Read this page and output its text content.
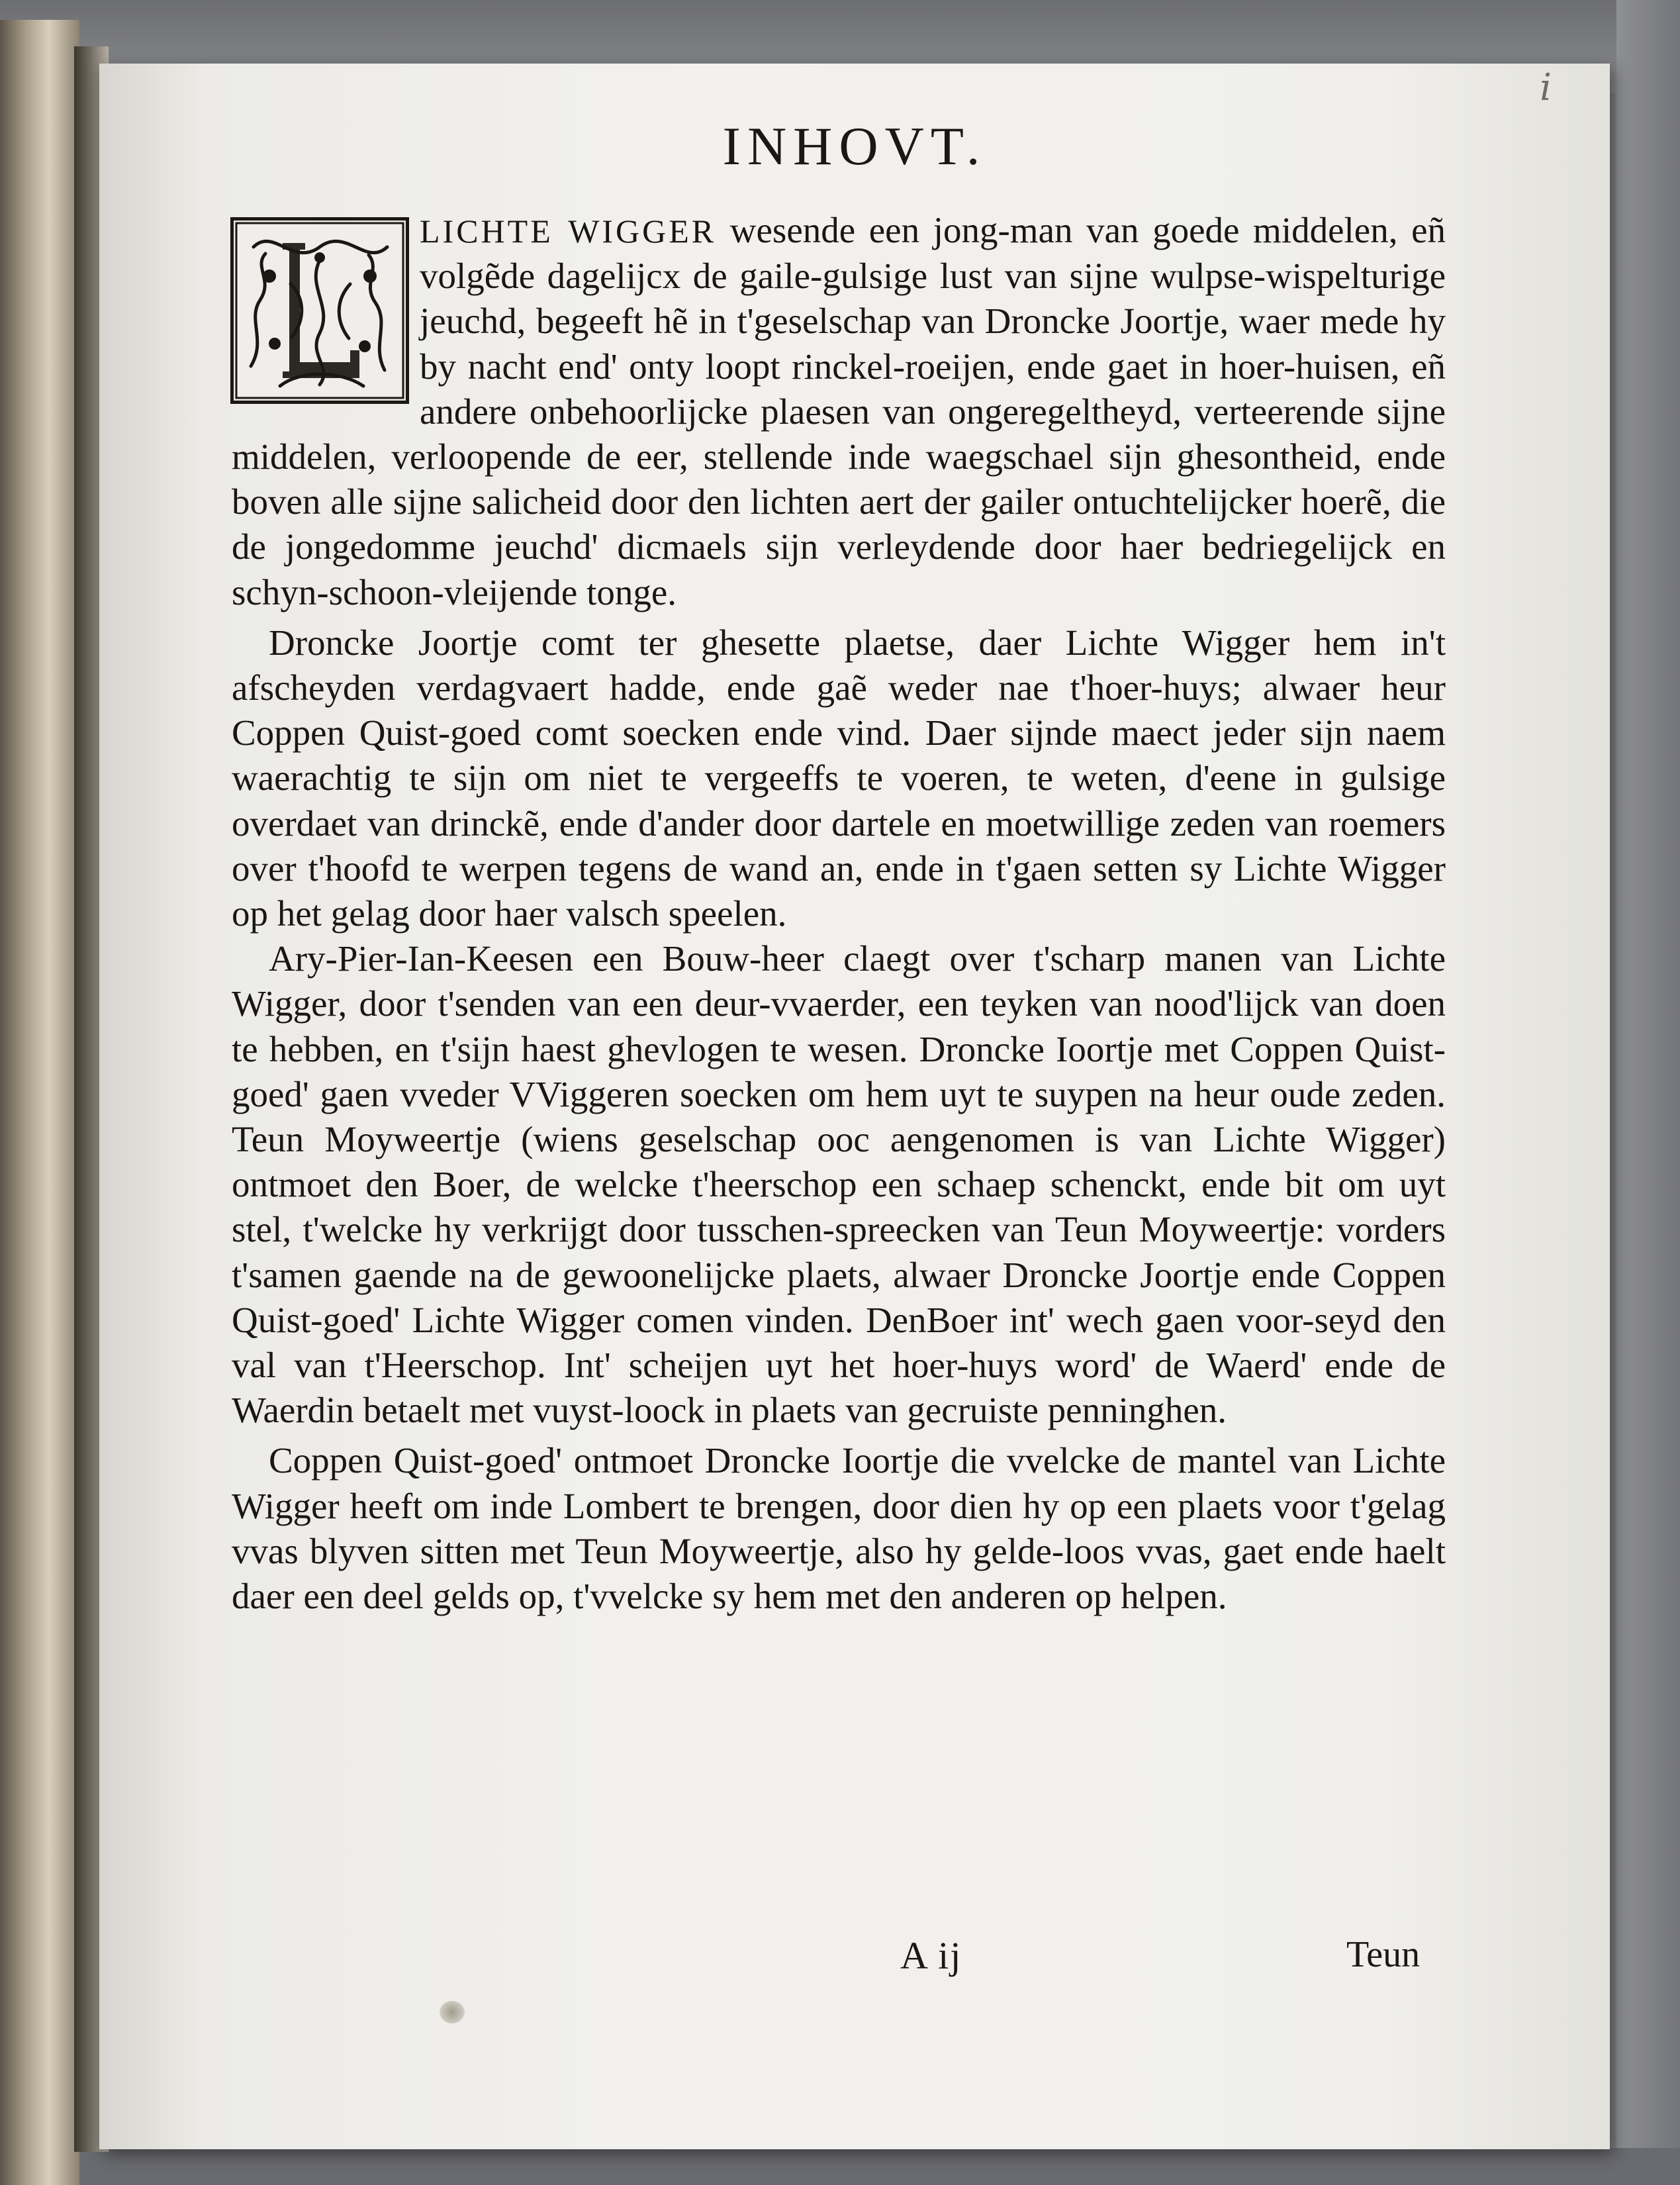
i
INHOVT.

LICHTE WIGGER wesende een jong-man van goede middelen, eñ volgẽde dagelijcx de gaile-gulsige lust van sijne wulpse-wispelturige jeuchd, begeeft hẽ in t'geselschap van Droncke Joortje, waer mede hy by nacht end' onty loopt rinckel-roeijen, ende gaet in hoer-huisen, eñ andere onbehoorlijcke plaesen van ongeregeltheyd, verteerende sijne middelen, verloopende de eer, stellende inde waegschael sijn ghesontheid, ende boven alle sijne salicheid door den lichten aert der gailer ontuchtelijcker hoerẽ, die de jongedomme jeuchd' dicmaels sijn verleydende door haer bedriegelijck en schyn-schoon-vleijende tonge.

Droncke Joortje comt ter ghesette plaetse, daer Lichte Wigger hem in't afscheyden verdagvaert hadde, ende gaẽ weder nae t'hoer-huys; alwaer heur Coppen Quist-goed comt soecken ende vind. Daer sijnde maect jeder sijn naem waerachtig te sijn om niet te vergeeffs te voeren, te weten, d'eene in gulsige overdaet van drinckẽ, ende d'ander door dartele en moetwillige zeden van roemers over t'hoofd te werpen tegens de wand an, ende in t'gaen setten sy Lichte Wigger op het gelag door haer valsch speelen.

Ary-Pier-Ian-Keesen een Bouw-heer claegt over t'scharp manen van Lichte Wigger, door t'senden van een deur-vvaerder, een teyken van nood'lijck van doen te hebben, en t'sijn haest ghevlogen te wesen. Droncke Ioortje met Coppen Quist-goed' gaen vveder VViggeren soecken om hem uyt te suypen na heur oude zeden. Teun Moyweertje (wiens geselschap ooc aengenomen is van Lichte Wigger) ontmoet den Boer, de welcke t'heerschop een schaep schenckt, ende bit om uyt stel, t'welcke hy verkrijgt door tusschen-spreecken van Teun Moyweertje: vorders t'samen gaende na de gewoonelijcke plaets, alwaer Droncke Joortje ende Coppen Quist-goed' Lichte Wigger comen vinden. DenBoer int' wech gaen voor-seyd den val van t'Heerschop. Int' scheijen uyt het hoer-huys word' de Waerd' ende de Waerdin betaelt met vuyst-loock in plaets van gecruiste penninghen.

Coppen Quist-goed' ontmoet Droncke Ioortje die vvelcke de mantel van Lichte Wigger heeft om inde Lombert te brengen, door dien hy op een plaets voor t'gelag vvas blyven sitten met Teun Moyweertje, also hy gelde-loos vvas, gaet ende haelt daer een deel gelds op, t'vvelcke sy hem met den anderen op helpen.

A ij	Teun
